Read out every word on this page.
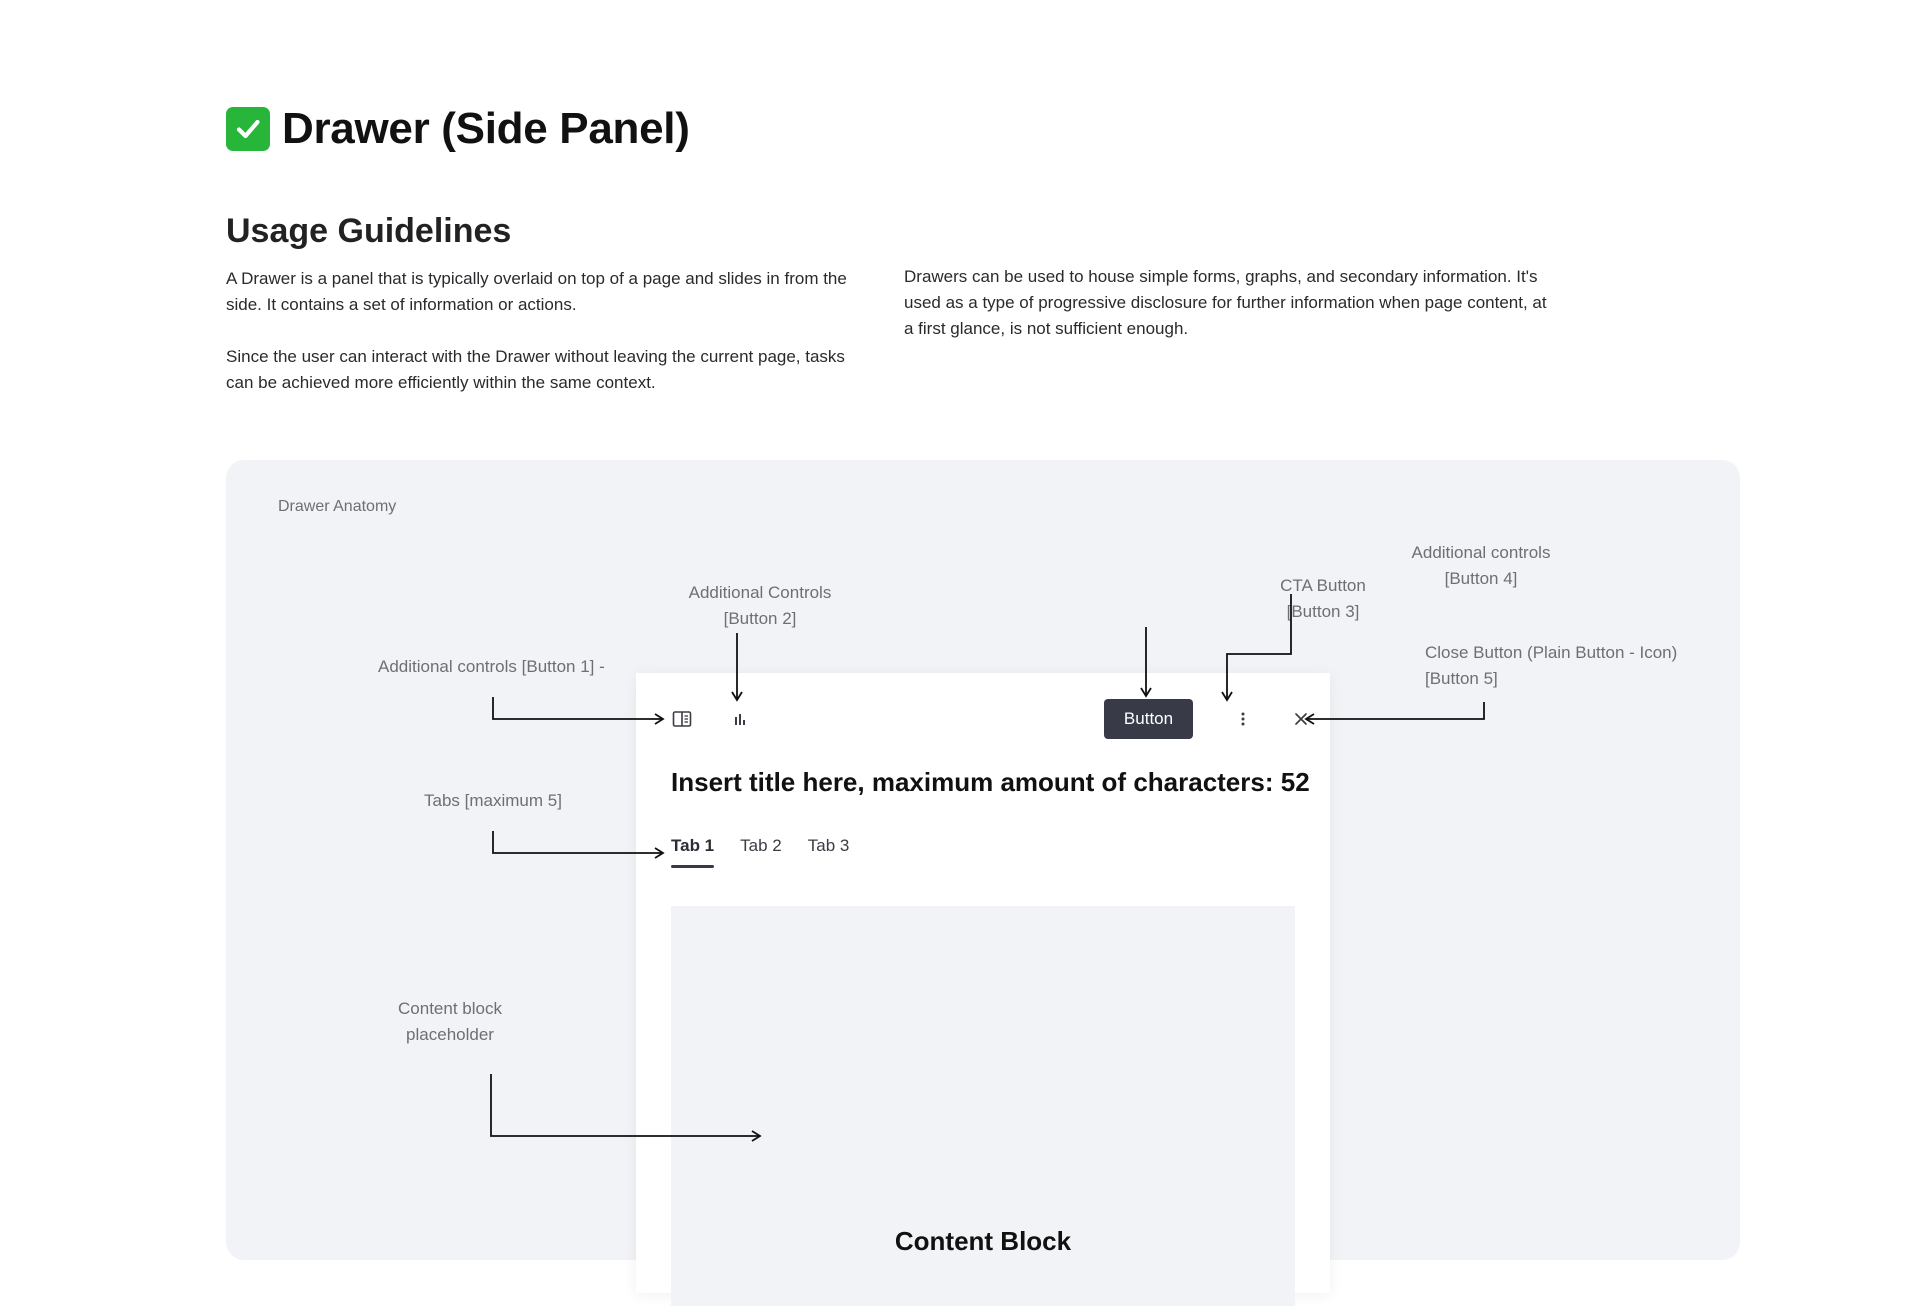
Drawer (Side Panel)
Usage Guidelines

A Drawer is a panel that is typically overlaid on top of a page and slides in from the side. It contains a set of information or actions.

Since the user can interact with the Drawer without leaving the current page, tasks can be achieved more efficiently within the same context.

Drawers can be used to house simple forms, graphs, and secondary information. It's used as a type of progressive disclosure for further information when page content, at a first glance, is not sufficient enough.

Drawer Anatomy
Additional controls [Button 1] -
Additional Controls
[Button 2]
CTA Button
[Button 3]
Additional controls
[Button 4]
Close Button (Plain Button - Icon)
[Button 5]
Tabs [maximum 5]
Content block
placeholder
Button
Insert title here, maximum amount of characters: 52
Tab 1 Tab 2 Tab 3
Content Block
